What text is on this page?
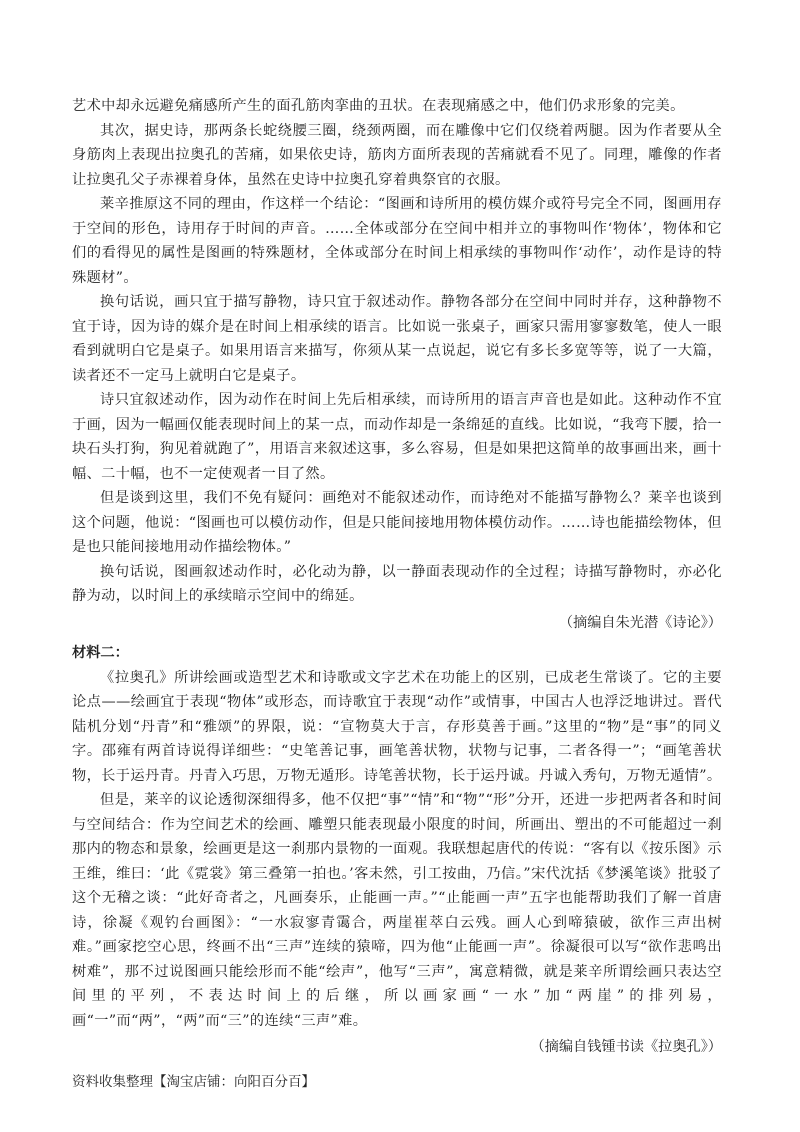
艺术中却永远避免痛感所产生的面孔筋肉挛曲的丑状。在表现痛感之中，他们仍求形象的完美。

其次，据史诗，那两条长蛇绕腰三圈，绕颈两圈，而在雕像中它们仅绕着两腿。因为作者要从全身筋肉上表现出拉奥孔的苦痛，如果依史诗，筋肉方面所表现的苦痛就看不见了。同理，雕像的作者让拉奥孔父子赤裸着身体，虽然在史诗中拉奥孔穿着典祭官的衣服。

莱辛推原这不同的理由，作这样一个结论：“图画和诗所用的模仿媒介或符号完全不同，图画用存于空间的形色，诗用存于时间的声音。……全体或部分在空间中相并立的事物叫作‘物体’，物体和它们的看得见的属性是图画的特殊题材，全体或部分在时间上相承续的事物叫作‘动作’，动作是诗的特殊题材”。

换句话说，画只宜于描写静物，诗只宜于叙述动作。静物各部分在空间中同时并存，这种静物不宜于诗，因为诗的媒介是在时间上相承续的语言。比如说一张桌子，画家只需用寥寥数笔，使人一眼看到就明白它是桌子。如果用语言来描写，你须从某一点说起，说它有多长多宽等等，说了一大篇，读者还不一定马上就明白它是桌子。

诗只宜叙述动作，因为动作在时间上先后相承续，而诗所用的语言声音也是如此。这种动作不宜于画，因为一幅画仅能表现时间上的某一点，而动作却是一条绵延的直线。比如说，“我弯下腰，拾一块石头打狗，狗见着就跑了”，用语言来叙述这事，多么容易，但是如果把这简单的故事画出来，画十幅、二十幅，也不一定使观者一目了然。

但是谈到这里，我们不免有疑问：画绝对不能叙述动作，而诗绝对不能描写静物么？莱辛也谈到这个问题，他说：“图画也可以模仿动作，但是只能间接地用物体模仿动作。……诗也能描绘物体，但是也只能间接地用动作描绘物体。”

换句话说，图画叙述动作时，必化动为静，以一静面表现动作的全过程；诗描写静物时，亦必化静为动，以时间上的承续暗示空间中的绵延。

（摘编自朱光潜《诗论》）

材料二：

《拉奥孔》所讲绘画或造型艺术和诗歌或文字艺术在功能上的区别，已成老生常谈了。它的主要论点——绘画宜于表现“物体”或形态，而诗歌宜于表现“动作”或情事，中国古人也浮泛地讲过。晋代陆机分划“丹青”和“雅颂”的界限，说：“宣物莫大于言，存形莫善于画。”这里的“物”是“事”的同义字。邵雍有两首诗说得详细些：“史笔善记事，画笔善状物，状物与记事，二者各得一”；“画笔善状物，长于运丹青。丹青入巧思，万物无遁形。诗笔善状物，长于运丹诚。丹诚入秀句，万物无遁情”。

但是，莱辛的议论透彻深细得多，他不仅把“事”“情”和“物”“形”分开，还进一步把两者各和时间与空间结合：作为空间艺术的绘画、雕塑只能表现最小限度的时间，所画出、塑出的不可能超过一刹那内的物态和景象，绘画更是这一刹那内景物的一面观。我联想起唐代的传说：“客有以《按乐图》示王维，维曰：‘此《霓裳》第三叠第一拍也。’客未然，引工按曲，乃信。”宋代沈括《梦溪笔谈》批驳了这个无稽之谈：“此好奇者之，凡画奏乐，止能画一声。”“止能画一声”五字也能帮助我们了解一首唐诗，徐凝《观钓台画图》：“一水寂寥青霭合，两崖崔萃白云残。画人心到啼猿破，欲作三声出树难。”画家挖空心思，终画不出“三声”连续的猿啼，四为他“止能画一声”。徐凝很可以写“欲作悲鸣出树难”，那不过说图画只能绘形而不能“绘声”，他写“三声”，寓意精微，就是莱辛所谓绘画只表达空间里的平列，不表达时间上的后继，所以画家画“一水”加“两崖”的排列易，画“一”而“两”，“两”而“三”的连续“三声”难。

（摘编自钱锺书读《拉奥孔》）

资料收集整理【淘宝店铺：向阳百分百】
